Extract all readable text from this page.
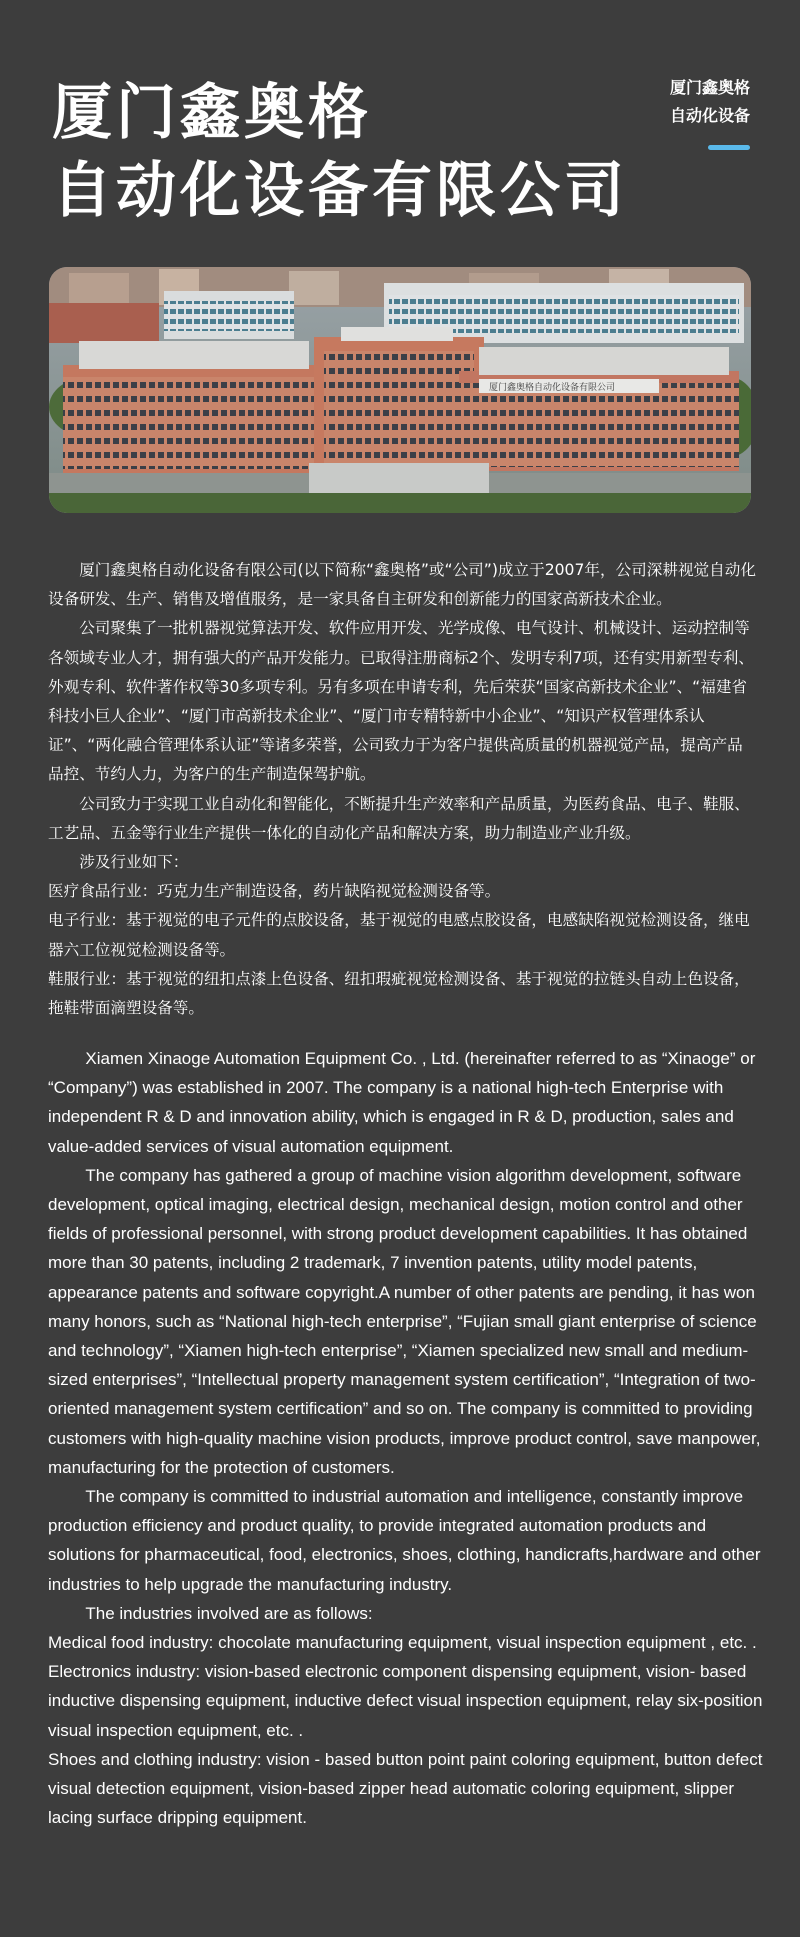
厦门鑫奥格
自动化设备有限公司
厦门鑫奥格
自动化设备
厦门鑫奥格自动化设备有限公司

厦门鑫奥格自动化设备有限公司(以下简称“鑫奥格”或“公司”)成立于2007年，公司深耕视觉自动化设备研发、生产、销售及增值服务，是一家具备自主研发和创新能力的国家高新技术企业。

公司聚集了一批机器视觉算法开发、软件应用开发、光学成像、电气设计、机械设计、运动控制等各领域专业人才，拥有强大的产品开发能力。已取得注册商标2个、发明专利7项，还有实用新型专利、外观专利、软件著作权等30多项专利。另有多项在申请专利，先后荣获“国家高新技术企业”、“福建省科技小巨人企业”、“厦门市高新技术企业”、“厦门市专精特新中小企业”、“知识产权管理体系认证”、“两化融合管理体系认证”等诸多荣誉，公司致力于为客户提供高质量的机器视觉产品，提高产品品控、节约人力，为客户的生产制造保驾护航。

公司致力于实现工业自动化和智能化，不断提升生产效率和产品质量，为医药食品、电子、鞋服、工艺品、五金等行业生产提供一体化的自动化产品和解决方案，助力制造业产业升级。

涉及行业如下：

医疗食品行业：巧克力生产制造设备，药片缺陷视觉检测设备等。

电子行业：基于视觉的电子元件的点胶设备，基于视觉的电感点胶设备，电感缺陷视觉检测设备，继电器六工位视觉检测设备等。

鞋服行业：基于视觉的纽扣点漆上色设备、纽扣瑕疵视觉检测设备、基于视觉的拉链头自动上色设备，拖鞋带面滴塑设备等。

Xiamen Xinaoge Automation Equipment Co. , Ltd. (hereinafter referred to as “Xinaoge” or “Company”) was established in 2007. The company is a national high-tech Enterprise with independent R & D and innovation ability, which is engaged in R & D, production, sales and value-added services of visual automation equipment.

The company has gathered a group of machine vision algorithm development, software development, optical imaging, electrical design, mechanical design, motion control and other fields of professional personnel, with strong product development capabilities. It has obtained more than 30 patents, including 2 trademark, 7 invention patents, utility model patents, appearance patents and software copyright.A number of other patents are pending, it has won many honors, such as “National high-tech enterprise”, “Fujian small giant enterprise of science and technology”, “Xiamen high-tech enterprise”, “Xiamen specialized new small and medium-sized enterprises”, “Intellectual property management system certification”, “Integration of two-oriented management system certification” and so on. The company is committed to providing customers with high-quality machine vision products, improve product control, save manpower, manufacturing for the protection of customers.

The company is committed to industrial automation and intelligence, constantly improve production efficiency and product quality, to provide integrated automation products and solutions for pharmaceutical, food, electronics, shoes, clothing, handicrafts,hardware and other industries to help upgrade the manufacturing industry.

The industries involved are as follows:

Medical food industry: chocolate manufacturing equipment, visual inspection equipment , etc. .

Electronics industry: vision-based electronic component dispensing equipment, vision- based inductive dispensing equipment, inductive defect visual inspection equipment, relay six-position visual inspection equipment, etc. .

Shoes and clothing industry: vision - based button point paint coloring equipment, button defect visual detection equipment, vision-based zipper head automatic coloring equipment, slipper lacing surface dripping equipment.
